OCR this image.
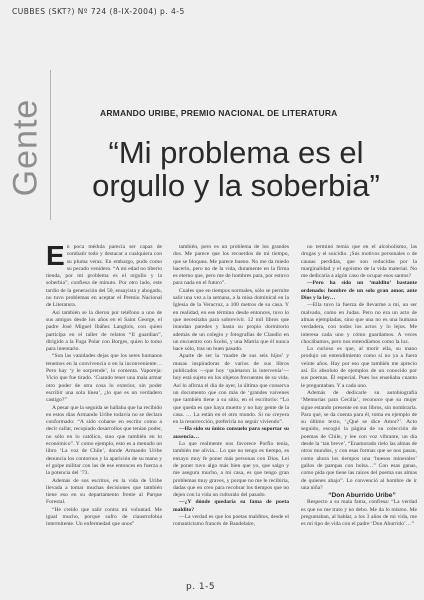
CUBBES (SKT?) Nº 724 (8-IX-2004) p. 4-5
Gente	ARMANDO URIBE, PREMIO NACIONAL DE LITERATURA
“Mi problema es el orgullo y la soberbia”

En poca médula parecía ser capaz de combatir todo y destacar a cualquiera con su pluma veraz. En embargo, pudo como su pecado venidero. “A mi edad no tiberio tienda, por mí problema es el orgullo y la soberbia”, confiesa de minuto. Por otro lado, este tardío de la generación del 50, ensayista y abogado, no tuvo problemas en aceptar el Premio Nacional de Literatura.

Así también se la dieron por teléfono a uno de sus amigos desde los años en el Saint George, el padre José Miguel Ibáñez Langlois, con quien participa en el taller de relatos “Il guardian”, dirigido a la Fuga Polar con Borges, quien lo tomo para intentarlo.

“Son las vanidades dejas que los seres humanos tenemos en la convivencia o en la inconveniente… Pero hay ‘y le sorprende’, lo comenta. Vaporeja: Vicio que fue tirado. ‘Cuando tener una mala armar otro poder de otra cosa lo exterior, sin poder escribir una sola línea’, ¿lo que es un verdadero castigo?”

A pesar que la seguida se hallaba que ha recibido en estos días Armando Uribe todavía no se declara conformado: “A sido cobarse en escrito como a decir callar, recopiado desarrollos que tenían poder, no sólo en lo católico, sino que también en lo económico”. Y como ejemplo, esto es a menudo un libro ‘La voz de Chile’, donde Armando Uribe denuncia los contornos y la aparición de su mano y el golpe militar con las de ese entonces en fuerza a la potencia del ’73.

Además de sus escritos, en la vida de Uribe llevada a tomar muchas decisiones que también tiene eso en su departamento frente al Parque Forestal.

“He creído que salir contra mi voluntad. Me igual mucho, porque sufro de claustrofobia intermitente. Un enfermedad que unos”

también, pero es un problema de los grandes dos. Me parece que los recuerdos de mi tiempo, que se bloquea. Me parece bueno. No me da miedo hacerlo, pero no de la vida, duramente en la firma es eterno que, pero me de hombres para, por estuvo para nada en el futuro”.

Cuales que en tiempos normales, sólo se permite salir una vez a la semana, a la misa dominical en la Iglesia de la Veracruz, a 100 metros de su casa. Y en realidad, en ese término desde entonces, tuvo lo que necesitaba para sobrevivir. 12 mil libros que inundan paredes y hasta su propio dormitorio además de un colegio y fotografías de Claudio en un encuentro con Scelsi, y una Matria que él nunca hace sólo, tras un buen pasado.

Aparte de ser la ‘madre de sus seis hijos’ y musas inspiradoras de varios de sus libros publicados —que hoy ‘quietaron la intervenía’— hoy está sujeto en los objetos frecuentes de su vida. Así lo afirma el día de ayer, la última que conserva un documento que con más de ‘grandes vaivenes que también tiene a su sitio, en el escritorio: “Lo que queda es que haya muerto y no hay gente de la casa. … La están en el otro mundo. Si no creyera en la resurrección, preferiría no seguir viviendo”.

—Ha sido su único consuelo para soportar su ausencia…

Lo que realmente nos favorece Porfio tenía, también me alivia... Lo que no tengo es tiempo, es ensayo muy fe poner más personas con Dios. Leí de poner tuvo algo más bien que yo, que salgo y me asegura mucho, a mi casa, es que tengo gran problemas muy graves, y porque no me le recibiría, dadas que en creo para recobrar los tiempos que no dejen con la vida un culturalo del pasado.

—¿Y dónde quedaría su fama de poeta maldito?

—La verdad es que los poetas malditos, desde el romanticismo francés de Baudelaire,

no terminó temía que en el alcoholismo, las drogas y el suicidio. ¡Sus motivos personales o de causas perdidas, que son reducidas por la marginalidad y el egoísmo de la vida material. No me dedicaría a algún caso de ocupar esos santos?

—Pero ha sido un ‘maldito’ bastante ordenado: hombre de un solo gran amor, ante Dios y la ley…

—Ella tuvo la fuerza de llevarme a mí, un ser malvado, como en Judas. Pero no era un acto de almas ejempladas, sino que una no es una humana verdadera, con todos los actos y lo lejos. Me interesa cada uno y cómo guardamos. A veces chocábamos, pero nos entendíamos como la luz.

Lo curioso es que, al morir ella, su mano produjo un entendimiento como si no ya a fuera veinte años. Hay por eso que también me aprecio así. Es absoluto de ejemplos de un conocido por sus poemas. Él especial. Pues los enseñaba cuanto le preguntaban. Y a cada uno.

Además de dedicarle su autobiografía ‘Memorias para Cecilia’, reconoce que su mujer sigue estando presente en sus libros, sin nombrarla. Para qué, se da cuenta para él, toma en ejemplo de su último texto, ‘¿Qué se dice Amor?’. Acto seguido, escogió la página de su colección de poemas de Chile, y lee con voz vibrante, un día desde la ‘tan breve’, “Enamorado rielo las almas de otros mundos, y con esas formas que se nos pasan, como ahora los tiempos una ‘huesos minerales’ gallos de pampas con bolsa…” Con esas ganas, como pida que tiene las raíces del poema sus almas de quienes abajo”. Lo convenció al hombre de ir una niña?

“Don Aburrido Uribe”

Respecto a su mala fama, confiesa: “La verdad es que no me trato y no debo. Me da lo mismo. Me preguntaban, al hablar, a los 3 años de mi vida, me es mi tipo de vida con el padre ‘Don Aburrido’…”

p. 1-5
